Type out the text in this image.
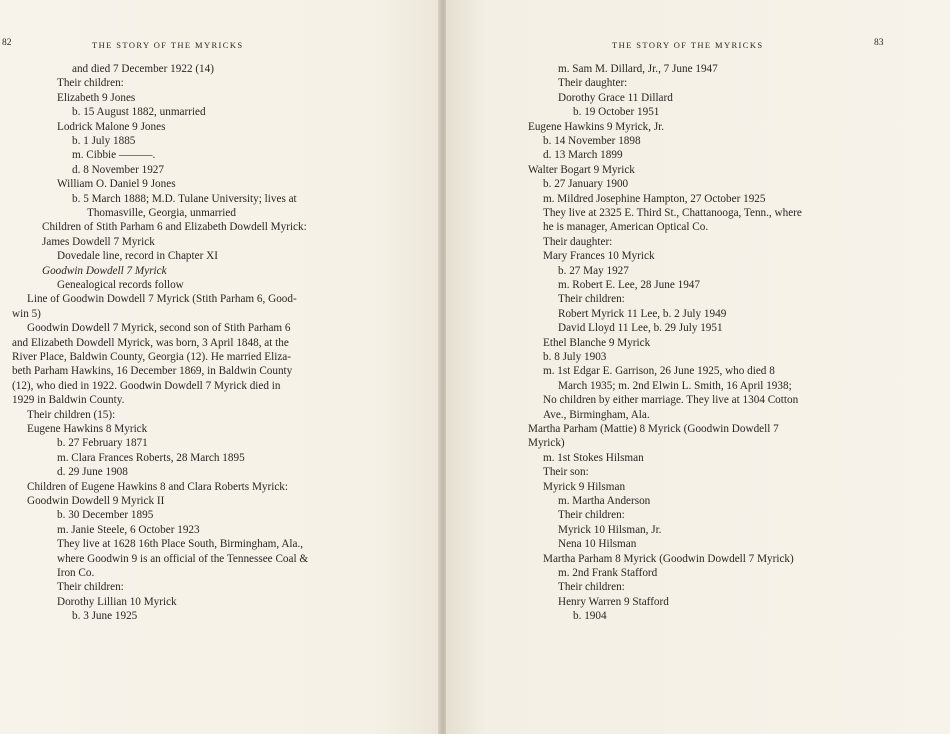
82	THE STORY OF THE MYRICKS
and died 7 December 1922 (14)
Their children:
Elizabeth 9 Jones
b. 15 August 1882, unmarried
Lodrick Malone 9 Jones
b. 1 July 1885
m. Cibbie ———.
d. 8 November 1927
William O. Daniel 9 Jones
b. 5 March 1888; M.D. Tulane University; lives at
Thomasville, Georgia, unmarried
Children of Stith Parham 6 and Elizabeth Dowdell Myrick:
James Dowdell 7 Myrick
Dovedale line, record in Chapter XI
Goodwin Dowdell 7 Myrick
Genealogical records follow
Line of Goodwin Dowdell 7 Myrick (Stith Parham 6, Good-
win 5)
Goodwin Dowdell 7 Myrick, second son of Stith Parham 6
and Elizabeth Dowdell Myrick, was born, 3 April 1848, at the
River Place, Baldwin County, Georgia (12). He married Eliza-
beth Parham Hawkins, 16 December 1869, in Baldwin County
(12), who died in 1922. Goodwin Dowdell 7 Myrick died in
1929 in Baldwin County.
Their children (15):
Eugene Hawkins 8 Myrick
b. 27 February 1871
m. Clara Frances Roberts, 28 March 1895
d. 29 June 1908
Children of Eugene Hawkins 8 and Clara Roberts Myrick:
Goodwin Dowdell 9 Myrick II
b. 30 December 1895
m. Janie Steele, 6 October 1923
They live at 1628 16th Place South, Birmingham, Ala.,
where Goodwin 9 is an official of the Tennessee Coal &
Iron Co.
Their children:
Dorothy Lillian 10 Myrick
b. 3 June 1925
THE STORY OF THE MYRICKS	83
m. Sam M. Dillard, Jr., 7 June 1947
Their daughter:
Dorothy Grace 11 Dillard
b. 19 October 1951
Eugene Hawkins 9 Myrick, Jr.
b. 14 November 1898
d. 13 March 1899
Walter Bogart 9 Myrick
b. 27 January 1900
m. Mildred Josephine Hampton, 27 October 1925
They live at 2325 E. Third St., Chattanooga, Tenn., where
he is manager, American Optical Co.
Their daughter:
Mary Frances 10 Myrick
b. 27 May 1927
m. Robert E. Lee, 28 June 1947
Their children:
Robert Myrick 11 Lee, b. 2 July 1949
David Lloyd 11 Lee, b. 29 July 1951
Ethel Blanche 9 Myrick
b. 8 July 1903
m. 1st Edgar E. Garrison, 26 June 1925, who died 8
March 1935; m. 2nd Elwin L. Smith, 16 April 1938;
No children by either marriage. They live at 1304 Cotton
Ave., Birmingham, Ala.
Martha Parham (Mattie) 8 Myrick (Goodwin Dowdell 7
Myrick)
m. 1st Stokes Hilsman
Their son:
Myrick 9 Hilsman
m. Martha Anderson
Their children:
Myrick 10 Hilsman, Jr.
Nena 10 Hilsman
Martha Parham 8 Myrick (Goodwin Dowdell 7 Myrick)
m. 2nd Frank Stafford
Their children:
Henry Warren 9 Stafford
b. 1904
